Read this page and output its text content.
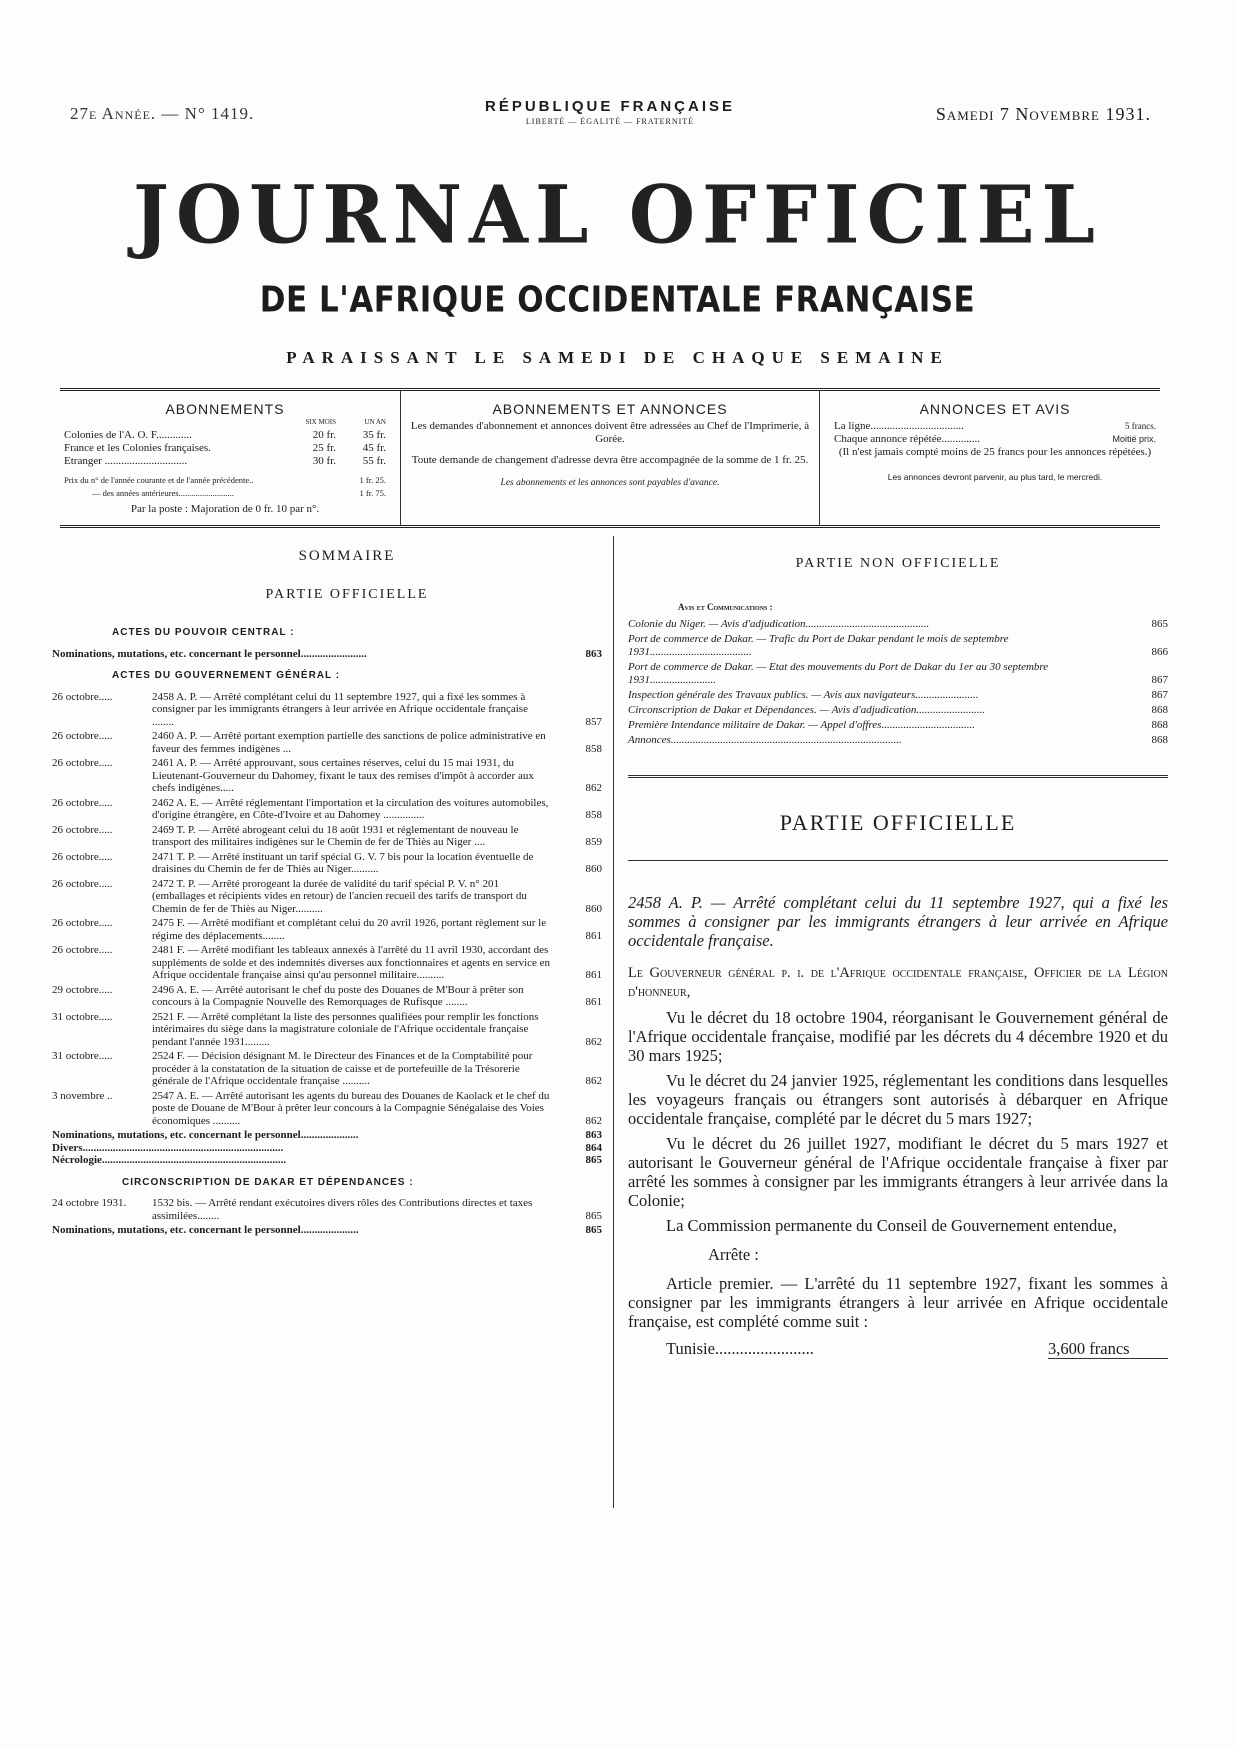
27e Année. — N° 1419.	RÉPUBLIQUE FRANÇAISE
LIBERTÉ — ÉGALITÉ — FRATERNITÉ	Samedi 7 Novembre 1931.
JOURNAL OFFICIEL
DE L'AFRIQUE OCCIDENTALE FRANÇAISE
PARAISSANT LE SAMEDI DE CHAQUE SEMAINE
ABONNEMENTS
SIX MOIS	UN AN
Colonies de l'A. O. F.............	20 fr.	35 fr.
France et les Colonies françaises.	25 fr.	45 fr.
Etranger ..............................	30 fr.	55 fr.
Prix du n° de l'année courante et de l'année précédente..	1 fr. 25.
— des années antérieures..........................	1 fr. 75.
Par la poste : Majoration de 0 fr. 10 par n°.
ABONNEMENTS ET ANNONCES
Les demandes d'abonnement et annonces doivent être adressées au Chef de l'Imprimerie, à Gorée.
Toute demande de changement d'adresse devra être accompagnée de la somme de 1 fr. 25.
Les abonnements et les annonces sont payables d'avance.
ANNONCES ET AVIS
La ligne..................................	5 francs.
Chaque annonce répétée..............	Moitié prix.
(Il n'est jamais compté moins de 25 francs pour les annonces répétées.)
Les annonces devront parvenir, au plus tard, le mercredi.
SOMMAIRE
PARTIE OFFICIELLE
ACTES DU POUVOIR CENTRAL :
Nominations, mutations, etc. concernant le personnel........................	863
ACTES DU GOUVERNEMENT GÉNÉRAL :
26 octobre.....	2458 A. P. — Arrêté complétant celui du 11 septembre 1927, qui a fixé les sommes à consigner par les immigrants étrangers à leur arrivée en Afrique occidentale française ........	857
26 octobre.....	2460 A. P. — Arrêté portant exemption partielle des sanctions de police administrative en faveur des femmes indigènes ...	858
26 octobre.....	2461 A. P. — Arrêté approuvant, sous certaines réserves, celui du 15 mai 1931, du Lieutenant-Gouverneur du Dahomey, fixant le taux des remises d'impôt à accorder aux chefs indigènes.....	862
26 octobre.....	2462 A. E. — Arrêté réglementant l'importation et la circulation des voitures automobiles, d'origine étrangère, en Côte-d'Ivoire et au Dahomey ...............	858
26 octobre.....	2469 T. P. — Arrêté abrogeant celui du 18 août 1931 et réglementant de nouveau le transport des militaires indigènes sur le Chemin de fer de Thiès au Niger ....	859
26 octobre.....	2471 T. P. — Arrêté instituant un tarif spécial G. V. 7 bis pour la location éventuelle de draisines du Chemin de fer de Thiès au Niger..........	860
26 octobre.....	2472 T. P. — Arrêté prorogeant la durée de validité du tarif spécial P. V. n° 201 (emballages et récipients vides en retour) de l'ancien recueil des tarifs de transport du Chemin de fer de Thiès au Niger..........	860
26 octobre.....	2475 F. — Arrêté modifiant et complétant celui du 20 avril 1926, portant règlement sur le régime des déplacements........	861
26 octobre.....	2481 F. — Arrêté modifiant les tableaux annexés à l'arrêté du 11 avril 1930, accordant des suppléments de solde et des indemnités diverses aux fonctionnaires et agents en service en Afrique occidentale française ainsi qu'au personnel militaire..........	861
29 octobre.....	2496 A. E. — Arrêté autorisant le chef du poste des Douanes de M'Bour à prêter son concours à la Compagnie Nouvelle des Remorquages de Rufisque ........	861
31 octobre.....	2521 F. — Arrêté complétant la liste des personnes qualifiées pour remplir les fonctions intérimaires du siège dans la magistrature coloniale de l'Afrique occidentale française pendant l'année 1931.........	862
31 octobre.....	2524 F. — Décision désignant M. le Directeur des Finances et de la Comptabilité pour procéder à la constatation de la situation de caisse et de portefeuille de la Trésorerie générale de l'Afrique occidentale française ..........	862
3 novembre ..	2547 A. E. — Arrêté autorisant les agents du bureau des Douanes de Kaolack et le chef du poste de Douane de M'Bour à prêter leur concours à la Compagnie Sénégalaise des Voies économiques ..........	862
Nominations, mutations, etc. concernant le personnel.....................	863
Divers.........................................................................	864
Nécrologie...................................................................	865
CIRCONSCRIPTION DE DAKAR ET DÉPENDANCES :
24 octobre 1931.	1532 bis. — Arrêté rendant exécutoires divers rôles des Contributions directes et taxes assimilées........	865
Nominations, mutations, etc. concernant le personnel.....................	865
PARTIE NON OFFICIELLE
Avis et Communications :
Colonie du Niger. — Avis d'adjudication.............................................	865
Port de commerce de Dakar. — Trafic du Port de Dakar pendant le mois de septembre 1931.....................................	866
Port de commerce de Dakar. — Etat des mouvements du Port de Dakar du 1er au 30 septembre 1931........................	867
Inspection générale des Travaux publics. — Avis aux navigateurs.......................	867
Circonscription de Dakar et Dépendances. — Avis d'adjudication.........................	868
Première Intendance militaire de Dakar. — Appel d'offres..................................	868
Annonces....................................................................................	868
PARTIE OFFICIELLE

2458 A. P. — Arrêté complétant celui du 11 septembre 1927, qui a fixé les sommes à consigner par les immigrants étrangers à leur arrivée en Afrique occidentale française.

Le Gouverneur général p. i. de l'Afrique occidentale française, Officier de la Légion d'honneur,

Vu le décret du 18 octobre 1904, réorganisant le Gouvernement général de l'Afrique occidentale française, modifié par les décrets du 4 décembre 1920 et du 30 mars 1925;

Vu le décret du 24 janvier 1925, réglementant les conditions dans lesquelles les voyageurs français ou étrangers sont autorisés à débarquer en Afrique occidentale française, complété par le décret du 5 mars 1927;

Vu le décret du 26 juillet 1927, modifiant le décret du 5 mars 1927 et autorisant le Gouverneur général de l'Afrique occidentale française à fixer par arrêté les sommes à consigner par les immigrants étrangers à leur arrivée dans la Colonie;

La Commission permanente du Conseil de Gouvernement entendue,

Arrête :

Article premier. — L'arrêté du 11 septembre 1927, fixant les sommes à consigner par les immigrants étrangers à leur arrivée en Afrique occidentale française, est complété comme suit :

Tunisie........................	3,600 francs
